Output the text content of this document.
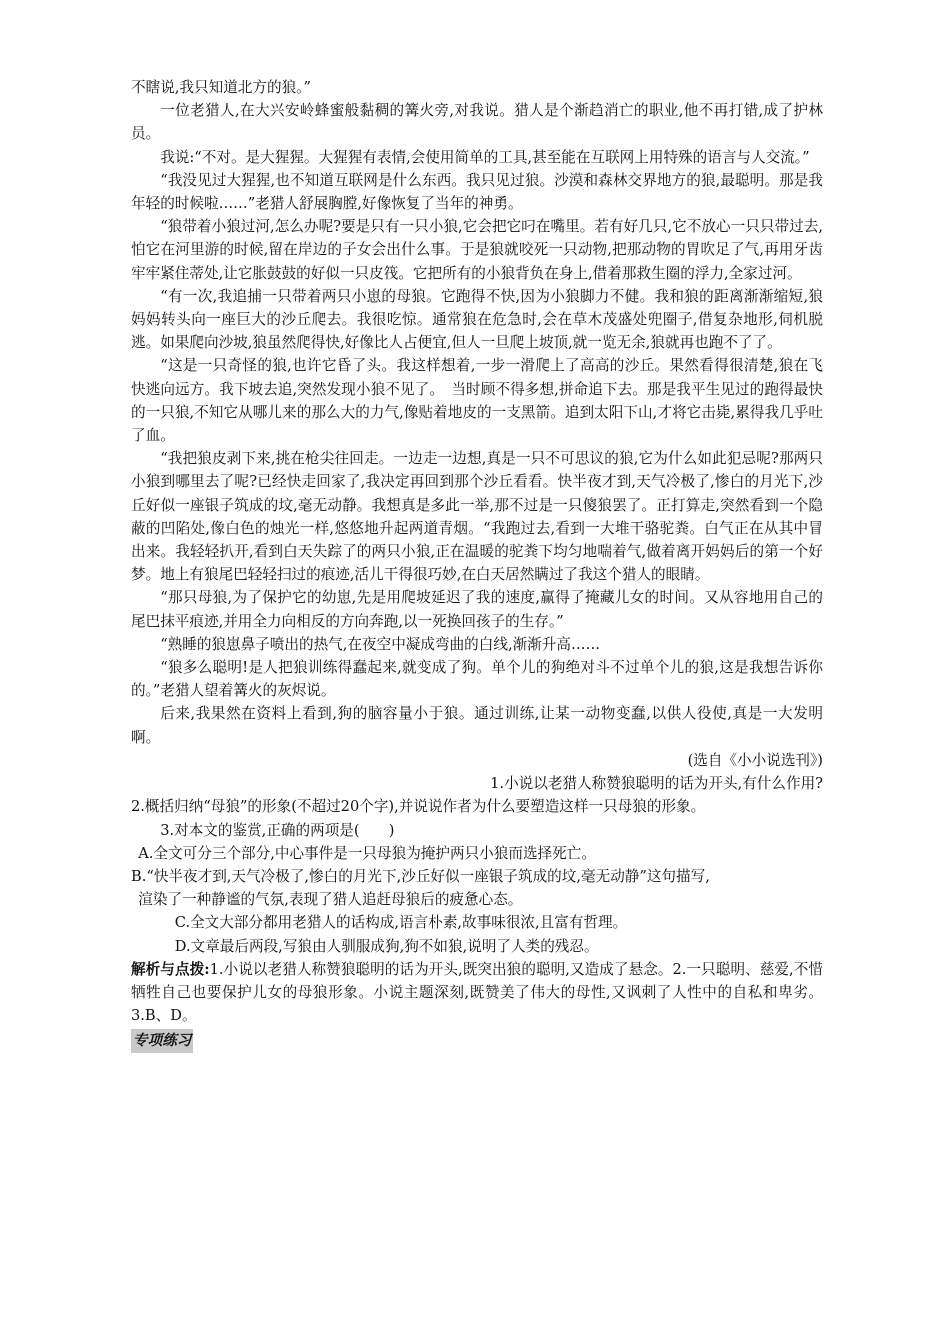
不瞎说,我只知道北方的狼。”

一位老猎人,在大兴安岭蜂蜜般黏稠的篝火旁,对我说。猎人是个渐趋消亡的职业,他不再打错,成了护林员。

我说:“不对。是大猩猩。大猩猩有表情,会使用简单的工具,甚至能在互联网上用特殊的语言与人交流。”

“我没见过大猩猩,也不知道互联网是什么东西。我只见过狼。沙漠和森林交界地方的狼,最聪明。那是我年轻的时候啦……”老猎人舒展胸膛,好像恢复了当年的神勇。

“狼带着小狼过河,怎么办呢?要是只有一只小狼,它会把它叼在嘴里。若有好几只,它不放心一只只带过去,怕它在河里游的时候,留在岸边的子女会出什么事。于是狼就咬死一只动物,把那动物的胃吹足了气,再用牙齿牢牢紧住蒂处,让它胀鼓鼓的好似一只皮筏。它把所有的小狼背负在身上,借着那救生圈的浮力,全家过河。

“有一次,我追捕一只带着两只小崽的母狼。它跑得不快,因为小狼脚力不健。我和狼的距离渐渐缩短,狼妈妈转头向一座巨大的沙丘爬去。我很吃惊。通常狼在危急时,会在草木茂盛处兜圈子,借复杂地形,伺机脱逃。如果爬向沙坡,狼虽然爬得快,好像比人占便宜,但人一旦爬上坡顶,就一览无余,狼就再也跑不了了。

“这是一只奇怪的狼,也许它昏了头。我这样想着,一步一滑爬上了高高的沙丘。果然看得很清楚,狼在飞快逃向远方。我下坡去追,突然发现小狼不见了。　当时顾不得多想,拼命追下去。那是我平生见过的跑得最快的一只狼,不知它从哪儿来的那么大的力气,像贴着地皮的一支黑箭。追到太阳下山,才将它击毙,累得我几乎吐了血。

“我把狼皮剥下来,挑在枪尖往回走。一边走一边想,真是一只不可思议的狼,它为什么如此犯忌呢?那两只小狼到哪里去了呢?已经快走回家了,我决定再回到那个沙丘看看。快半夜才到,天气冷极了,惨白的月光下,沙丘好似一座银子筑成的坟,毫无动静。我想真是多此一举,那不过是一只傻狼罢了。正打算走,突然看到一个隐蔽的凹陷处,像白色的烛光一样,悠悠地升起两道青烟。“我跑过去,看到一大堆干骆驼粪。白气正在从其中冒出来。我轻轻扒开,看到白天失踪了的两只小狼,正在温暖的驼粪下均匀地喘着气,做着离开妈妈后的第一个好梦。地上有狼尾巴轻轻扫过的痕迹,活儿干得很巧妙,在白天居然瞒过了我这个猎人的眼睛。

“那只母狼,为了保护它的幼崽,先是用爬坡延迟了我的速度,赢得了掩藏儿女的时间。又从容地用自己的尾巴抹平痕迹,并用全力向相反的方向奔跑,以一死换回孩子的生存。”

“熟睡的狼崽鼻子喷出的热气,在夜空中凝成弯曲的白线,渐渐升高……

“狼多么聪明!是人把狼训练得蠢起来,就变成了狗。单个儿的狗绝对斗不过单个儿的狼,这是我想告诉你的。”老猎人望着篝火的灰烬说。

后来,我果然在资料上看到,狗的脑容量小于狼。通过训练,让某一动物变蠢,以供人役使,真是一大发明啊。

(选自《小小说选刊》)

1.小说以老猎人称赞狼聪明的话为开头,有什么作用?

2.概括归纳“母狼”的形象(不超过20个字),并说说作者为什么要塑造这样一只母狼的形象。

3.对本文的鉴赏,正确的两项是(　　)

A.全文可分三个部分,中心事件是一只母狼为掩护两只小狼而选择死亡。

B.“快半夜才到,天气冷极了,惨白的月光下,沙丘好似一座银子筑成的坟,毫无动静”这句描写,
渲染了一种静谧的气氛,表现了猎人追赶母狼后的疲惫心态。

C.全文大部分都用老猎人的话构成,语言朴素,故事味很浓,且富有哲理。

D.文章最后两段,写狼由人驯服成狗,狗不如狼,说明了人类的残忍。

解析与点拨:1.小说以老猎人称赞狼聪明的话为开头,既突出狼的聪明,又造成了悬念。2.一只聪明、慈爱,不惜牺牲自己也要保护儿女的母狼形象。小说主题深刻,既赞美了伟大的母性,又讽刺了人性中的自私和卑劣。3.B、D。

专项练习
